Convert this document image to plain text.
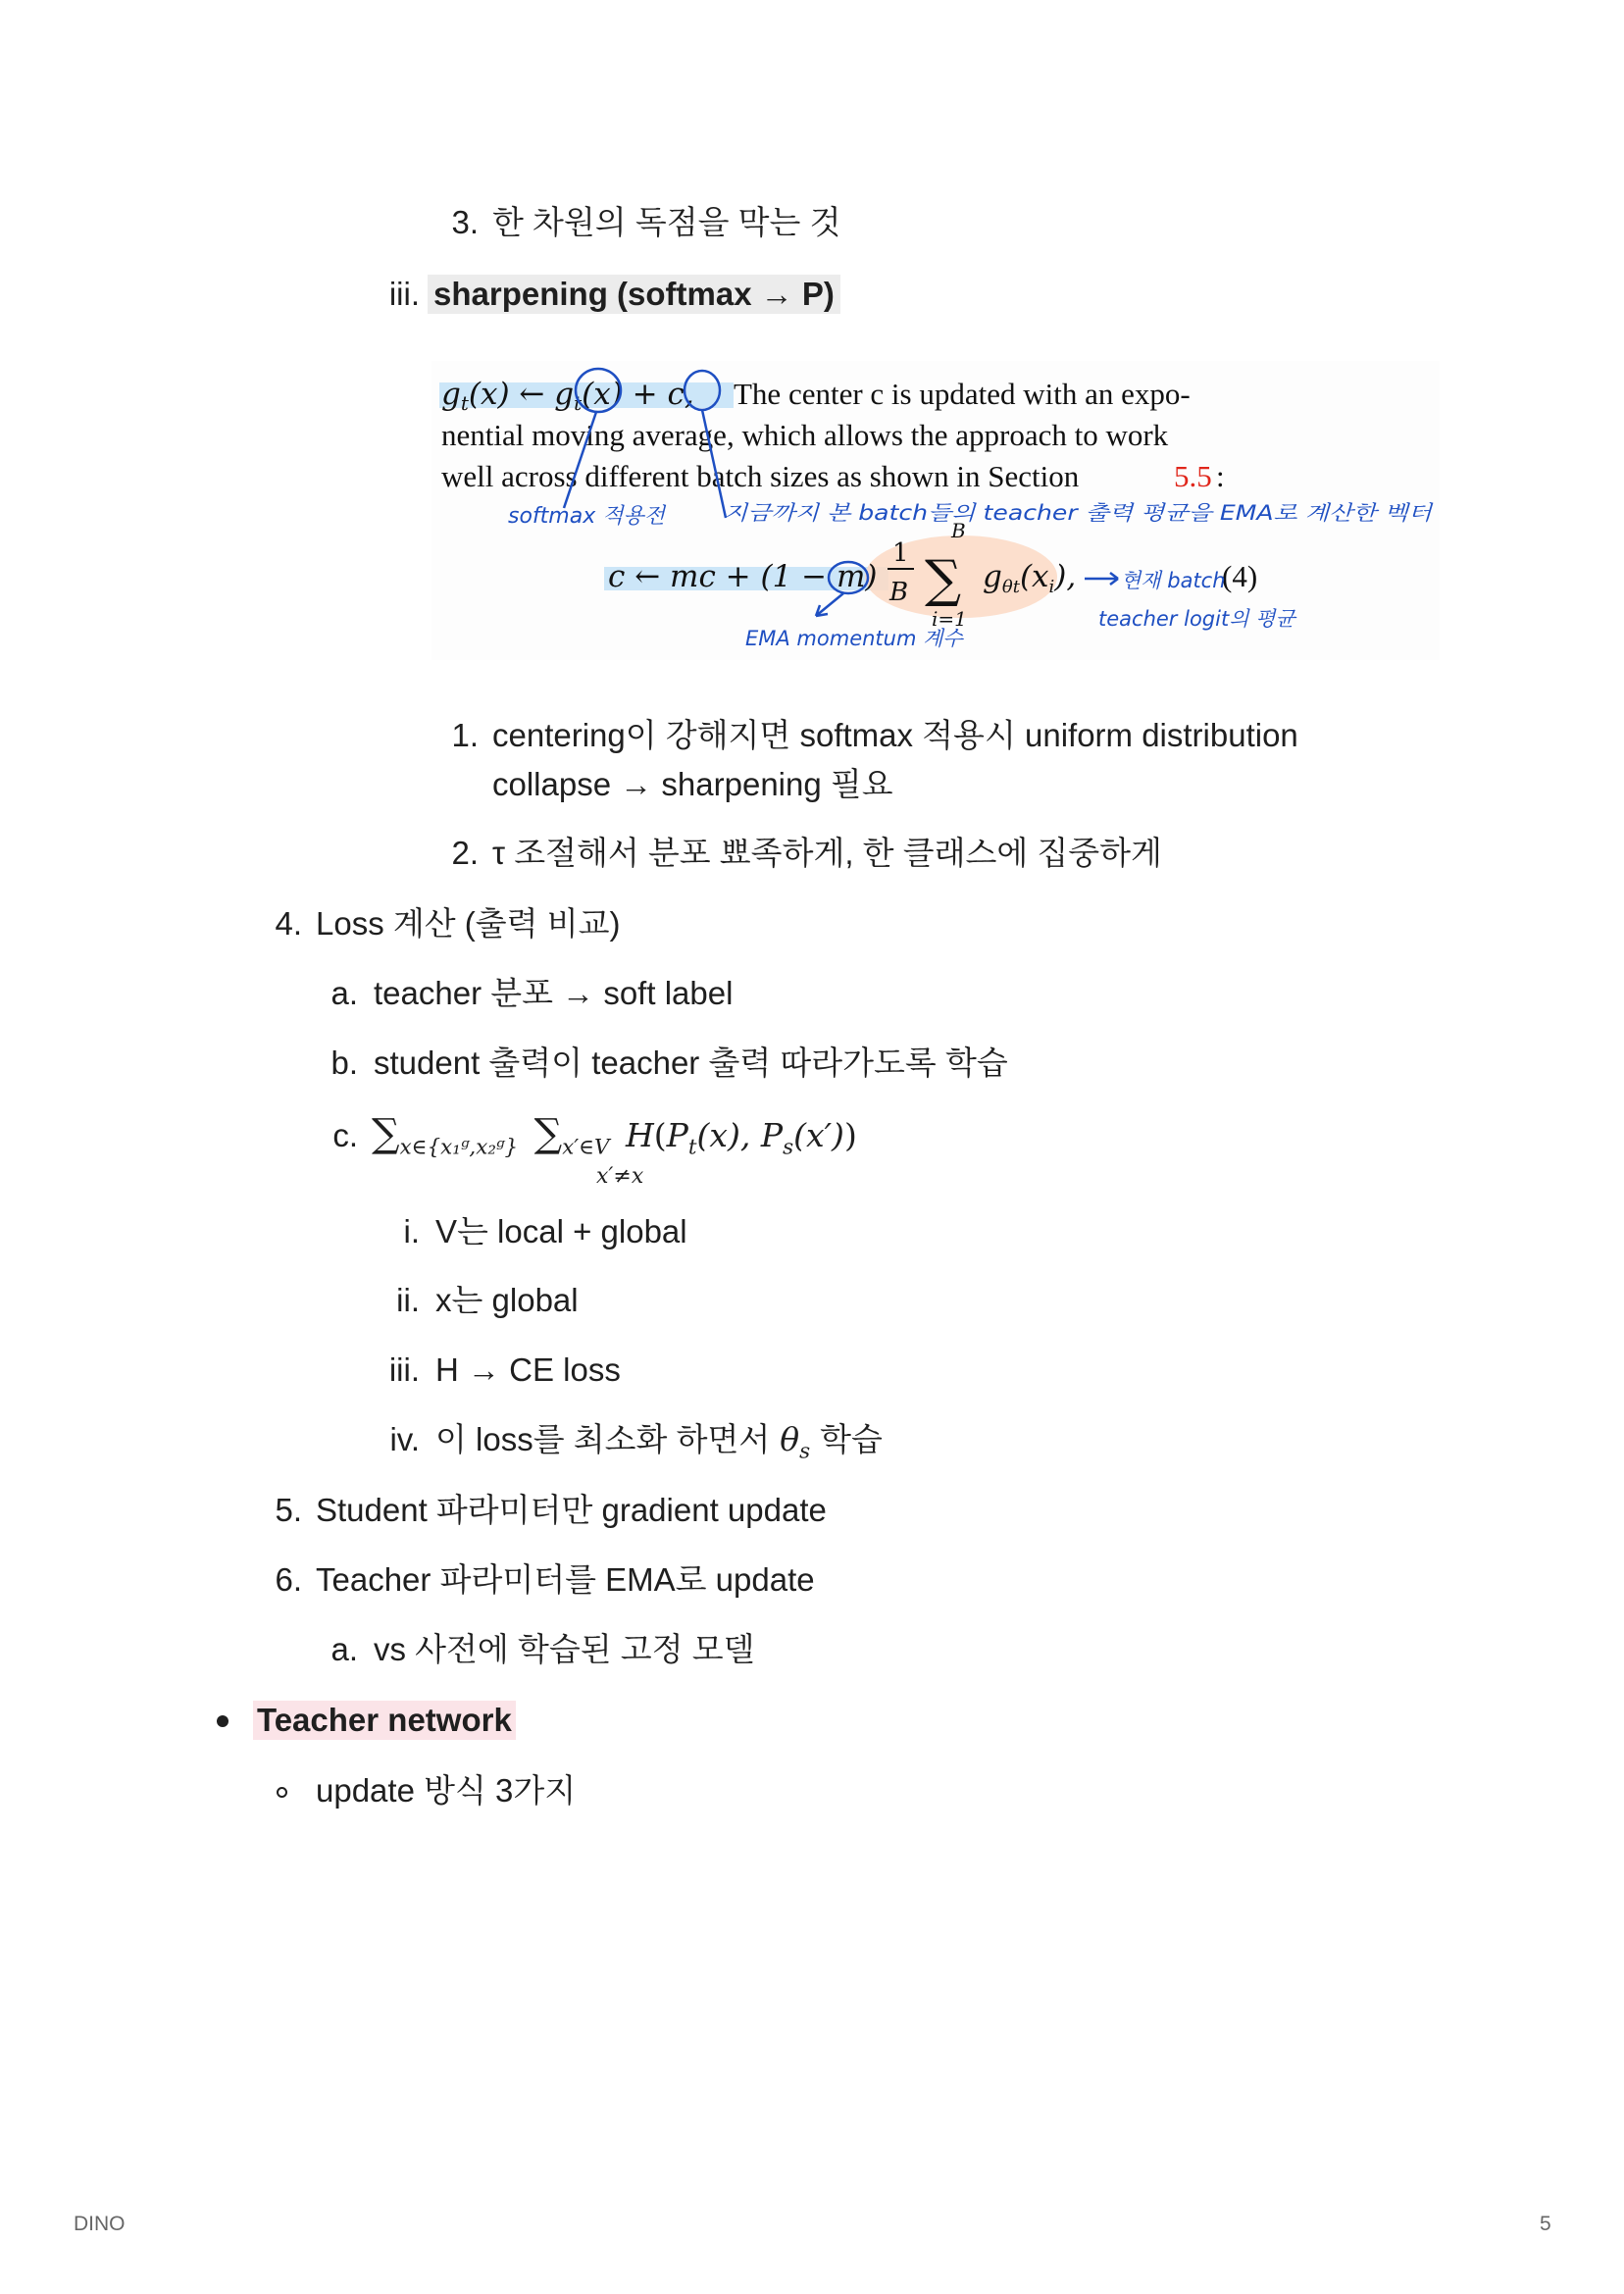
3. 한 차원의 독점을 막는 것
iii. sharpening (softmax → P)
gt(x) ← gt(x) + c, The center c is updated with an expo-
nential moving average, which allows the approach to work
well across different batch sizes as shown in Section	5.5 :
c ← mc + (1 − m)
1
B
B
∑
i=1
gθt(xi),	(4)
softmax 적용전	지금까지 본 batch들의 teacher 출력 평균을 EMA로 계산한 벡터
EMA momentum 계수
현재 batch
teacher logit의 평균
1. centering이 강해지면 softmax 적용시 uniform distribution
collapse → sharpening 필요
2. τ 조절해서 분포 뾰족하게, 한 클래스에 집중하게
4. Loss 계산 (출력 비교)
a. teacher 분포 → soft label
b. student 출력이 teacher 출력 따라가도록 학습
c. $\sum_{x\in\{x_1ᵍ,x_2ᵍ\}}$ $\sum_{x'\in V}$ $H(P_t(x)$, $P_s(x')$)
x′≠x
i. V는 local + global
ii. x는 global
iii. H → CE loss
iv. 이 loss를 최소화 하면서 $\theta_s$ 학습
5. Student 파라미터만 gradient update
6. Teacher 파라미터를 EMA로 update
a. vs 사전에 학습된 고정 모델
Teacher network
update 방식 3가지
DINO	5
